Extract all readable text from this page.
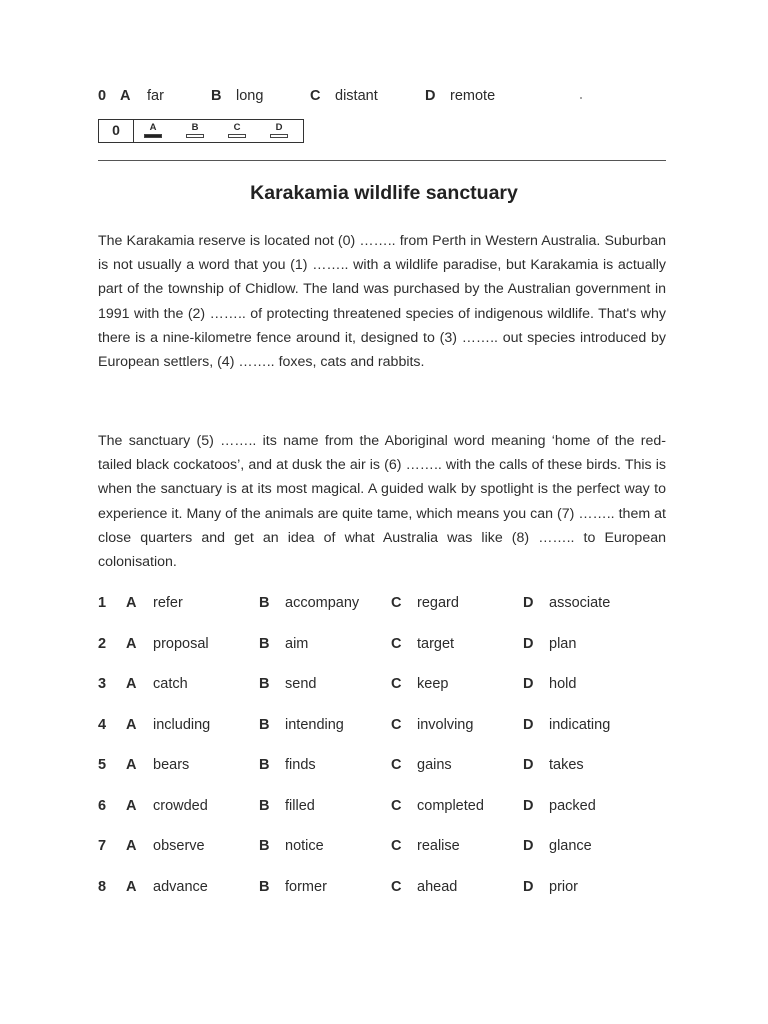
0 A far	B long	C distant	D remote
0	A	B	C	D
Karakamia wildlife sanctuary

The Karakamia reserve is located not (0) …….. from Perth in Western Australia. Suburban is not usually a word that you (1) …….. with a wildlife paradise, but Karakamia is actually part of the township of Chidlow. The land was purchased by the Australian government in 1991 with the (2) …….. of protecting threatened species of indigenous wildlife. That's why there is a nine-kilometre fence around it, designed to (3) …….. out species introduced by European settlers, (4) …….. foxes, cats and rabbits.

The sanctuary (5) …….. its name from the Aboriginal word meaning ‘home of the red-tailed black cockatoos’, and at dusk the air is (6) …….. with the calls of these birds. This is when the sanctuary is at its most magical. A guided walk by spotlight is the perfect way to experience it. Many of the animals are quite tame, which means you can (7) …….. them at close quarters and get an idea of what Australia was like (8) …….. to European colonisation.

1 A refer	B accompany C regard	D associate
2 A proposal	B aim	C target	D plan
3 A catch	B send	C keep	D hold
4 A including	B intending	C involving	D indicating
5 A bears	B finds	C gains	D takes
6 A crowded	B filled	C completed	D packed
7 A observe	B notice	C realise	D glance
8 A advance	B former	C ahead	D prior
